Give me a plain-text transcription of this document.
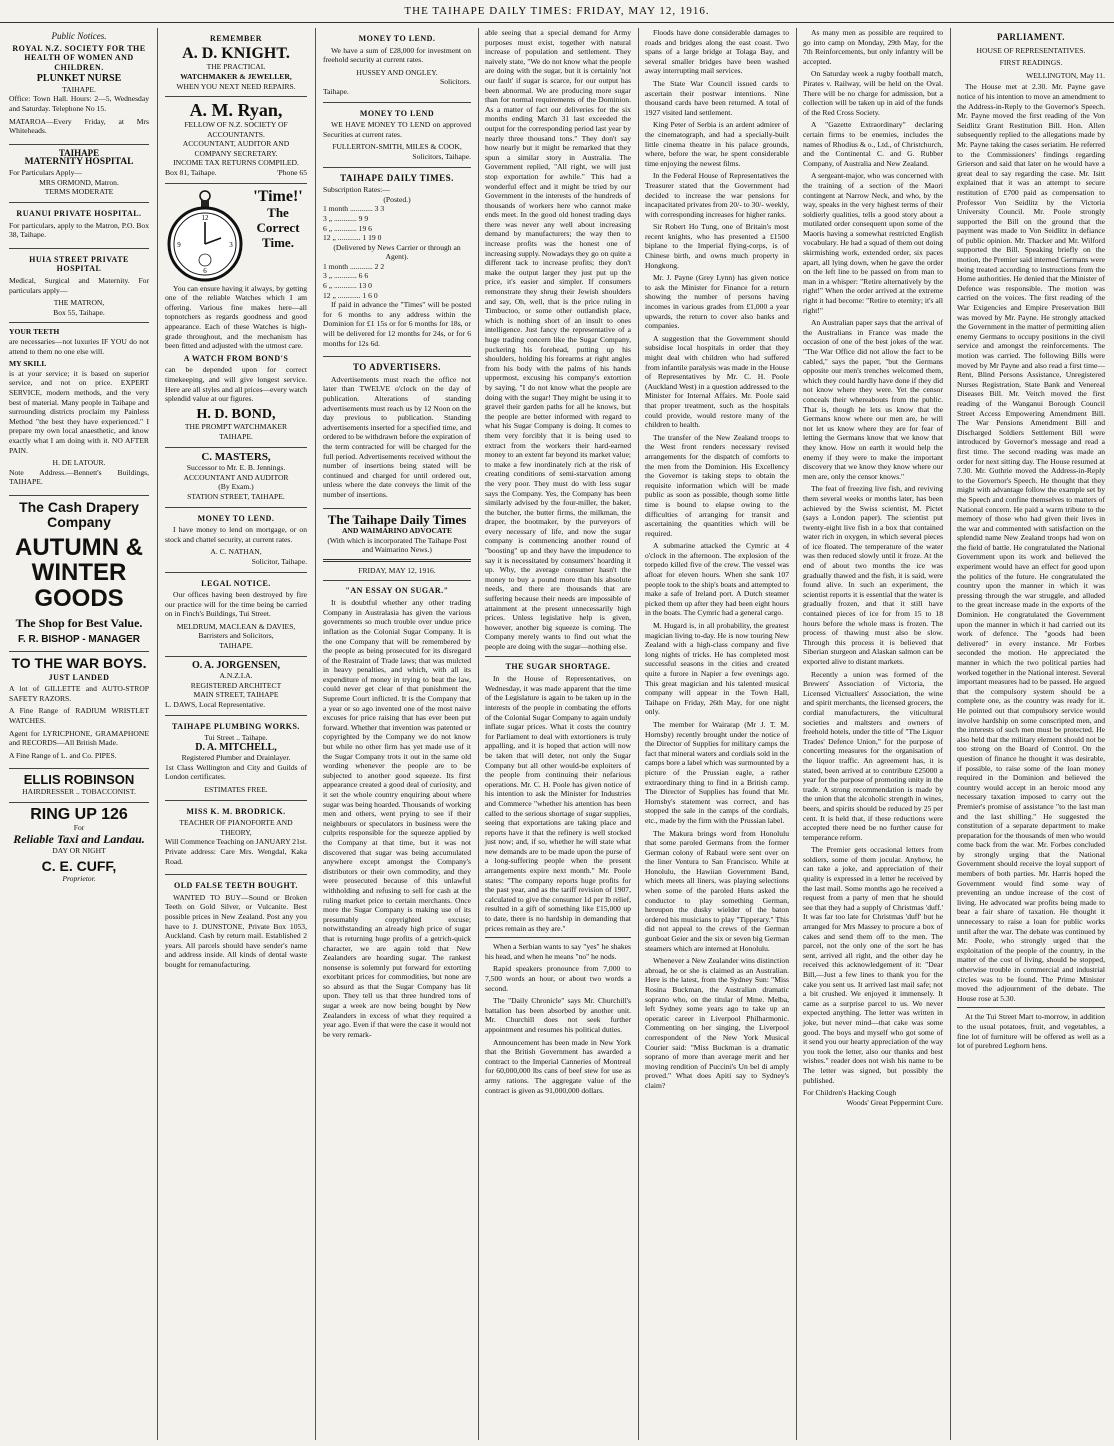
THE TAIHAPE DAILY TIMES: FRIDAY, MAY 12, 1916.
Public Notices.
ROYAL N.Z. SOCIETY FOR THE HEALTH OF WOMEN AND CHILDREN.
PLUNKET NURSE
TAIHAPE.

Office: Town Hall. Hours: 2—5, Wednesday and Saturday. Telephone No 15.

MATAROA—Every Friday, at Mrs Whiteheads.

TAIHAPE
MATERNITY HOSPITAL
For Particulars Apply—
MRS ORMOND, Matron.
TERMS MODERATE
RUANUI PRIVATE HOSPITAL.

For particulars, apply to the Matron, P.O. Box 38, Taihape.

HUIA STREET PRIVATE HOSPITAL

Medical, Surgical and Maternity. For particulars apply—

THE MATRON,
Box 55, Taihape.
YOUR TEETH

are necessaries—not luxuries IF YOU do not attend to them no one else will.

MY SKILL

is at your service; it is based on superior service, and not on price. EXPERT SERVICE, modern methods, and the very best of material. Many people in Taihape and surrounding districts proclaim my Painless Method "the best they have experienced." I prepare my own local anaesthetic, and know exactly what I am doing with it. NO AFTER PAIN.

H. DE LATOUR.

Note Address.—Bennett's Buildings, TAIHAPE.

The Cash Drapery Company
AUTUMN & WINTER GOODS
The Shop for Best Value.
F. R. BISHOP - MANAGER
TO THE WAR BOYS.
JUST LANDED

A lot of GILLETTE and AUTO-STROP SAFETY RAZORS.

A Fine Range of RADIUM WRISTLET WATCHES.

Agent for LYRICPHONE, GRAMAPHONE and RECORDS—All British Made.

A Fine Range of L. and Co. PIPES.

ELLIS ROBINSON
HAIRDRESSER .. TOBACCONIST.
RING UP 126
For
Reliable Taxi and Landau.
DAY OR NIGHT
C. E. CUFF,
Proprietor.
REMEMBER
A. D. KNIGHT.
THE PRACTICAL
WATCHMAKER & JEWELLER,
WHEN YOU NEXT NEED REPAIRS.
A. M. Ryan,
FELLOW OF N.Z. SOCIETY OF ACCOUNTANTS.
ACCOUNTANT, AUDITOR AND COMPANY SECRETARY.
INCOME TAX RETURNS COMPILED.
Box 81, Taihape.	'Phone 65
12
3
6
9
'Time!'
The Correct Time.

You can ensure having it always, by getting one of the reliable Watches which I am offering. Various fine makes here—all topnotchers as regards goodness and good appearance. Each of these Watches is high-grade throughout, and the mechanism has been fitted and adjusted with the utmost care.

A WATCH FROM BOND'S

can be depended upon for correct timekeeping, and will give longest service. Here are all styles and all prices—every watch splendid value at our figures.

H. D. BOND,
THE PROMPT WATCHMAKER
TAIHAPE.
C. MASTERS,
Successor to Mr. E. B. Jennings.
ACCOUNTANT AND AUDITOR
(By Exam.)
STATION STREET, TAIHAPE.
MONEY TO LEND.

I have money to lend on mortgage, or on stock and chattel security, at current rates.

A. C. NATHAN,
Solicitor, Taihape.
LEGAL NOTICE.

Our offices having been destroyed by fire our practice will for the time being be carried on in Finch's Buildings, Tui Street.

MELDRUM, MACLEAN & DAVIES,
Barristers and Solicitors,
TAIHAPE.
O. A. JORGENSEN,
A.N.Z.I.A.
REGISTERED ARCHITECT
MAIN STREET, TAIHAPE
L. DAWS, Local Representative.
TAIHAPE PLUMBING WORKS.
Tui Street .. Taihape.
D. A. MITCHELL,
Registered Plumber and Drainlayer.

1st Class Wellington and City and Guilds of London certificates.

ESTIMATES FREE.
MISS K. M. BRODRICK.
TEACHER OF PIANOFORTE AND THEORY,
Will Commence Teaching on JANUARY 21st.

Private address: Care Mrs. Wengdal, Kaka Road.

OLD FALSE TEETH BOUGHT.

WANTED TO BUY—Sound or Broken Teeth on Gold Silver, or Vulcanite. Best possible prices in New Zealand. Post any you have to J. DUNSTONE, Private Box 1053, Auckland. Cash by return mail. Established 2 years. All parcels should have sender's name and address inside. All kinds of dental waste bought for remanufacturing.

MONEY TO LEND.

We have a sum of £28,000 for investment on freehold security at current rates.

HUSSEY AND ONGLEY.
Solicitors.
Taihape.
MONEY TO LEND

WE HAVE MONEY TO LEND on approved Securities at current rates.

FULLERTON-SMITH, MILES & COOK,
Solicitors, Taihape.
TAIHAPE DAILY TIMES.
Subscription Rates:—
(Posted.)
1 month ............ 3 3
3 „ ............ 9 9
6 „ ............ 19 6
12 „ ............ 1 19 0
(Delivered by News Carrier or through an Agent).
1 month ............ 2 2
3 „ ............ 6 6
6 „ ............ 13 0
12 „ ............ 1 6 0

If paid in advance the "Times" will be posted for 6 months to any address within the Dominion for £1 15s or for 6 months for 18s, or will be delivered for 12 months for 24s, or for 6 months for 12s 6d.

TO ADVERTISERS.

Advertisements must reach the office not later than TWELVE o'clock on the day of publication. Alterations of standing advertisements must reach us by 12 Noon on the day previous to publication. Standing advertisements inserted for a specified time, and ordered to be withdrawn before the expiration of the term contracted for will be charged for the full period. Advertisements received without the number of insertions being stated will be continued and charged for until ordered out, unless where the date conveys the limit of the number of insertions.

The Taihape Daily Times
AND WAIMARINO ADVOCATE

(With which is incorporated The Taihape Post and Waimarino News.)

FRIDAY, MAY 12, 1916.
"AN ESSAY ON SUGAR."

It is doubtful whether any other trading Company in Australasia has given the various governments so much trouble over undue price inflation as the Colonial Sugar Company. It is the one Company that will be remembered by the people as being prosecuted for its disregard of the Restraint of Trade laws; that was mulcted in heavy penalties, and which, with all its expenditure of money in trying to beat the law, could never get clear of that punishment the Supreme Court inflicted. It is the Company that a year or so ago invented one of the most naive excuses for price raising that has ever been put forward. Whether that invention was patented or copyrighted by the Company we do not know but while no other firm has yet made use of it the Sugar Company trots it out in the same old wording whenever the people are to be subjected to another good squeeze. Its first appearance created a good deal of curiosity, and it set the whole country enquiring about where sugar was being hoarded. Thousands of working men and others, went prying to see if their neighbours or speculators in business were the culprits responsible for the squeeze applied by the Company at that time, but it was not discovered that sugar was being accumulated anywhere except amongst the Company's distributors or their own commodity, and they were prosecuted because of this unlawful withholding and refusing to sell for cash at the ruling market price to certain merchants. Once more the Sugar Company is making use of its presumably copyrighted excuse; notwithstanding an already high price of sugar that is returning huge profits of a getrich-quick character, we are again told that New Zealanders are hoarding sugar. The rankest nonsense is solemnly put forward for extorting exorbitant prices for commodities, but none are so absurd as that the Sugar Company has lit upon. They tell us that three hundred tons of sugar a week are now being bought by New Zealanders in excess of what they required a year ago. Even if that were the case it would not be very remark-

able seeing that a special demand for Army purposes must exist, together with natural increase of population and settlement. They naively state, "We do not know what the people are doing with the sugar, but it is certainly 'not our fault' if sugar is scarce, for our output has been abnormal. We are producing more sugar than for normal requirements of the Dominion. As a matter of fact our deliveries for the six months ending March 31 last exceeded the output for the corresponding period last year by nearly three thousand tons." They don't say how nearly but it might be remarked that they spun a similar story in Australia. The Government replied, "All right, we will just stop exportation for awhile." This had a wonderful effect and it might be tried by our Government in the interests of the hundreds of thousands of workers here who cannot make ends meet. In the good old honest trading days there was never any well about increasing demand by manufacturers; the way then to increase profits was the honest one of increasing supply. Nowadays they go on quite a different tack to increase profits; they don't make the output larger they just put up the price, it's easier and simpler. If consumers remonstrate they shrug their Jewish shoulders and say, Oh, well, that is the price ruling in Timbuctoo, or some other outlandish place, which is nothing short of an insult to ones intelligence. Just fancy the representative of a huge trading concern like the Sugar Company, puckering his forehead, putting up his shoulders, holding his forearms at right angles from his body with the palms of his hands uppermost, excusing his company's extortion by saying, "I do not know what the people are doing with the sugar! They might be using it to gravel their garden paths for all he knows, but the people are better informed with regard to what his Sugar Company is doing. It comes to them very forcibly that it is being used to extract from the workers their hard-earned money to an extent far beyond its market value; to make a few inordinately rich at the risk of creating conditions of semi-starvation among the very poor. They must do with less sugar says the Company. Yes, the Company has been similarly advised by the four-miller, the baker, the butcher, the butter firms, the milkman, the draper, the bootmaker, by the purveyors of every necessary of life, and now the sugar company is commencing another round of "boosting" up and they have the impudence to say it is necessitated by consumers' hoarding it up. Why, the average consumer hasn't the money to buy a pound more than his absolute needs, and there are thousands that are suffering because their needs are impossible of attainment at the present unnecessarily high prices. Unless legislative help is given, however, another big squeeze is coming. The Company merely wants to find out what the people are doing with the sugar—nothing else.

THE SUGAR SHORTAGE.

In the House of Representatives, on Wednesday, it was made apparent that the time of the Legislature is again to be taken up in the interests of the people in combating the efforts of the Colonial Sugar Company to again unduly inflate sugar prices. What it costs the country for Parliament to deal with extortioners is truly appalling, and it is hoped that action will now be taken that will deter, not only the Sugar Company but all other would-be exploiters of the people from continuing their nefarious operations. Mr. C. H. Poole has given notice of his intention to ask the Minister for Industries and Commerce "whether his attention has been called to the serious shortage of sugar supplies, seeing that exportations are taking place and reports have it that the refinery is well stocked just now; and, if so, whether he will state what new demands are to be made upon the purse of a long-suffering people when the present arrangements expire next month." Mr. Poole states: "The company reports huge profits for the past year, and as the tariff revision of 1907, calculated to give the consumer 1d per lb relief, resulted in a gift of something like £15,000 up to date, there is no hardship in demanding that prices remain as they are."

When a Serbian wants to say "yes" he shakes his head, and when he means "no" he nods.

Rapid speakers pronounce from 7,000 to 7,500 words an hour, or about two words a second.

The "Daily Chronicle" says Mr. Churchill's battalion has been absorbed by another unit. Mr. Churchill does not seek further appointment and resumes his political duties.

Announcement has been made in New York that the British Government has awarded a contract to the Imperial Canneries of Montreal for 60,000,000 lbs cans of beef stew for use as army rations. The aggregate value of the contract is given as 91,000,000 dollars.

Floods have done considerable damages to roads and bridges along the east coast. Two spans of a large bridge at Tolaga Bay, and several smaller bridges have been washed away interrupting mail services.

The State War Council issued cards to ascertain their postwar intentions. Nine thousand cards have been returned. A total of 1927 visited land settlement.

King Peter of Serbia is an ardent admirer of the cinematograph, and had a specially-built little cinema theatre in his palace grounds, where, before the war, he spent considerable time enjoying the newest films.

In the Federal House of Representatives the Treasurer stated that the Government had decided to increase the war pensions for incapacitated privates from 20/- to 30/- weekly, with corresponding increases for higher ranks.

Sir Robert Ho Tung, one of Britain's most recent knights, who has presented a £1500 biplane to the Imperial flying-corps, is of Chinese birth, and owns much property in Hongkong.

Mr. J. Payne (Grey Lynn) has given notice to ask the Minister for Finance for a return showing the number of persons having incomes in various grades from £1,000 a year upwards, the return to cover also banks and companies.

A suggestion that the Government should subsidise local hospitals in order that they might deal with children who had suffered from infantile paralysis was made in the House of Representatives by Mr. C. H. Poole (Auckland West) in a question addressed to the Minister for Internal Affairs. Mr. Poole said that proper treatment, such as the hospitals could provide, would restore many of the children to health.

The transfer of the New Zealand troops to the West front renders necessary revised arrangements for the dispatch of comforts to the men from the Dominion. His Excellency the Governor is taking steps to obtain the requisite information which will be made public as soon as possible, though some little time is bound to elapse owing to the difficulties of arranging for transit and ascertaining the quantities which will be required.

A submarine attacked the Cymric at 4 o'clock in the afternoon. The explosion of the torpedo killed five of the crew. The vessel was afloat for eleven hours. When she sank 107 people took to the ship's boats and attempted to make a safe of Ireland port. A Dutch steamer picked them up after they had been eight hours in the boats. The Cymric had a general cargo.

M. Hugard is, in all probability, the greatest magician living to-day. He is now touring New Zealand with a high-class company and five long nights of tricks. He has completed most successful seasons in the cities and created quite a furore in Napier a few evenings ago. This great magician and his talented musical company will appear in the Town Hall, Taihape on Friday, 26th May, for one night only.

The member for Wairarap (Mr J. T. M. Hornsby) recently brought under the notice of the Director of Supplies for military camps the fact that mineral waters and cordials sold in the camps bore a label which was surmounted by a picture of the Prussian eagle, a rather extraordinary thing to find in a British camp. The Director of Supplies has found that Mr. Hornsby's statement was correct, and has stopped the sale in the camps of the cordials, etc., made by the firm with the Prussian label.

The Makura brings word from Honolulu that some paroled Germans from the former German colony of Rabaul were sent over on the liner Ventura to San Francisco. While at Honolulu, the Hawiian Government Band, which meets all liners, was playing selections when some of the paroled Huns asked the conductor to play something German, hereupon the dusky wielder of the baton ordered his musicians to play "Tipperary." This did not appeal to the crews of the German gunboat Geier and the six or seven big German steamers which are interned at Honolulu.

Whenever a New Zealander wins distinction abroad, he or she is claimed as an Australian. Here is the latest, from the Sydney Sun: "Miss Rosina Buckman, the Australian dramatic soprano who, on the titular of Mme. Melba, left Sydney some years ago to take up an operatic career in Liverpool Philharmonic. Commenting on her singing, the Liverpool correspondent of the New York Musical Courier said: "Miss Buckman is a dramatic soprano of more than average merit and her moving rendition of Puccini's Un bel di amply proved." What does Apiti say to Sydney's claim?

As many men as possible are required to go into camp on Monday, 29th May, for the 7th Reinforcements, but only infantry will be accepted.

On Saturday week a rugby football match, Pirates v. Railway, will be held on the Oval. There will be no charge for admission, but a collection will be taken up in aid of the funds of the Red Cross Society.

A "Gazette Extraordinary" declaring certain firms to be enemies, includes the names of Rhodius & o., Ltd., of Christchurch, and the Continental C. and G. Rubber Company, of Australia and New Zealand.

A sergeant-major, who was concerned with the training of a section of the Maori contingent at Narrow Neck, and who, by the way, speaks in the very highest terms of their soldierly qualities, tells a good story about a mutilated order consequent upon some of the Maoris having a somewhat restricted English vocabulary. He had a squad of them out doing skirmishing work, extended order, six paces apart, all lying down, when he gave the order on the left line to be passed on from man to man in a whisper: "Retire alternatively by the right!" When the order arrived at the extreme right it had become: "Retire to eternity; it's all right!"

An Australian paper says that the arrival of the Australians in France was made the occasion of one of the best jokes of the war. "The War Office did not allow the fact to be cabled," says the paper, "but the Germans opposite our men's trenches welcomed them, which they could hardly have done if they did not know where they were. Yet the censor conceals their whereabouts from the public. That is, though he lets us know that the Germans know where our men are, he will not let us know where they are for fear of letting the Germans know that we know that they know. How on earth it would help the enemy if they were to make the important discovery that we know they know where our men are, only the censor knows."

The feat of freezing live fish, and reviving them several weeks or months later, has been achieved by the Swiss scientist, M. Pictet (says a London paper). The scientist put twenty-eight live fish in a box that contained water rich in oxygen, in which several pieces of ice floated. The temperature of the water was then reduced slowly until it froze. At the end of about two months the ice was gradually thawed and the fish, it is said, were found alive. In such an experiment, the scientist reports it is essential that the water is gradually frozen, and that it still have contained pieces of ice for from 15 to 18 hours before the whole mass is frozen. The process of thawing must also be slow. Through this process it is believed that Siberian sturgeon and Alaskan salmon can be exported alive to distant markets.

Recently a union was formed of the Brewers' Association of Victoria, the Licensed Victuallers' Association, the wine and spirit merchants, the licensed grocers, the cordial manufacturers, the viticultural societies and maltsters and owners of freehold hotels, under the title of "The Liquor Trades' Defence Union," for the purpose of concerting measures for the organisation of the liquor traffic. An agreement has, it is stated, been arrived at to contribute £25000 a year for the purpose of promoting unity in the trade. A strong recommendation is made by the union that the alcoholic strength in wines, beers, and spirits should be reduced by 25 per cent. It is held that, if these reductions were accepted there need be no further cause for temperance reform.

The Premier gets occasional letters from soldiers, some of them jocular. Anyhow, he can take a joke, and appreciation of their quality is expressed in a letter he received by the last mail. Some months ago he received a request from a party of men that he should see that they had a supply of Christmas 'duff.' It was far too late for Christmas 'duff' but he arranged for Mrs Massey to procure a box of cakes and send them off to the men. The parcel, not the only one of the sort he has sent, arrived all right, and the other day he received this acknowledgement of it: "Dear Bill,—Just a few lines to thank you for the cake you sent us. It arrived last mail safe; not a bit crushed. We enjoyed it immensely. It came as a surprise parcel to us. We never expected anything. The letter was written in joke, but never mind—that cake was some good. The boys and myself who got some of it send you our hearty appreciation of the way you took the letter, also our thanks and best wishes." reader does not wish his name to be The letter was signed, but possibly the published.

For Children's Hacking Cough
Woods' Great Peppermint Cure.
PARLIAMENT.
HOUSE OF REPRESENTATIVES.
FIRST READINGS.
WELLINGTON, May 11.

The House met at 2.30. Mr. Payne gave notice of his intention to move an amendment to the Address-in-Reply to the Governor's Speech. Mr. Payne moved the first reading of the Von Seidlitz Grant Restitution Bill. Hon. Allen subsequently replied to the allegations made by Mr. Payne taking the cases seriatim. He referred to the Commissioners' findings regarding Grierson and said that later on he would have a great deal to say regarding the case. Mr. Isitt explained that it was an attempt to secure restitution of £700 paid as compensation to Professor Von Seidlitz by the Victoria University Council. Mr. Poole strongly supported the Bill on the ground that the payment was made to Von Seidlitz in defiance of public opinion. Mr. Thacker and Mr. Wilford supported the Bill. Speaking briefly on the motion, the Premier said interned Germans were being treated according to instructions from the Home authorities. He denied that the Minister of Defence was responsible. The motion was carried on the voices. The first reading of the War Exigencies and Empire Preservation Bill was moved by Mr. Payne. He strongly attacked the Government in the matter of permitting alien enemy Germans to occupy positions in the civil service and amongst the reinforcements. The motion was carried. The following Bills were moved by Mr Payne and also read a first time—Rent, Blind Persons Assistance, Unregistered Nurses Registration, State Bank and Venereal Diseases Bill. Mr. Veitch moved the first reading of the Wanganui Borough Council Street Access Empowering Amendment Bill. The War Pensions Amendment Bill and Discharged Soldiers Settlement Bill were introduced by Governor's message and read a first time. The second reading was made an order for next sitting day. The House resumed at 7.30. Mr. Guthrie moved the Address-in-Reply to the Governor's Speech. He thought that they might with advantage follow the example set by the Speech and confine themselves to matters of National concern. He paid a warm tribute to the memory of those who had given their lives in the war and commented with satisfaction on the splendid name New Zealand troops had won on the field of battle. He congratulated the National Government upon its work and believed the experiment would have an effect for good upon the politics of the future. He congratulated the country upon the manner in which it was pressing through the war struggle, and alluded to the great increase made in the exports of the Dominion. He congratulated the Government upon the manner in which it had carried out its work of defence. The "goods had been delivered" in every instance. Mr Forbes seconded the motion. He appreciated the manner in which the two political parties had worked together in the National interest. Several important measures had to be passed. He argued that the compulsory system should be a complete one, as the country was ready for it. He pointed out that compulsory service would involve hardship on some conscripted men, and the interests of such men must be protected. He also held that the military element should not be too strong on the Board of Control. On the question of finance he thought it was desirable, if possible, to raise some of the loan money required in the Dominion and believed the country would accept in an heroic mood any necessary taxation imposed to carry out the Premier's promise of assistance "to the last man and the last shilling." He suggested the constitution of a separate department to make preparation for the thousands of men who would come back from the war. Mr. Forbes concluded by strongly urging that the National Government should receive the loyal support of members of both parties. Mr. Harris hoped the Government would find some way of preventing an undue increase of the cost of living. He advocated war profits being made to bear a fair share of taxation. He thought it unnecessary to raise a loan for public works until after the war. The debate was continued by Mr. Poole, who strongly urged that the exploitation of the people of the country, in the matter of the cost of living, should be stopped, otherwise trouble in commercial and industrial circles was to be found. The Prime Minister moved the adjournment of the debate. The House rose at 5.30.

At the Tui Street Mart to-morrow, in addition to the usual potatoes, fruit, and vegetables, a fine lot of furniture will be offered as well as a lot of purebred Leghorn hens.
